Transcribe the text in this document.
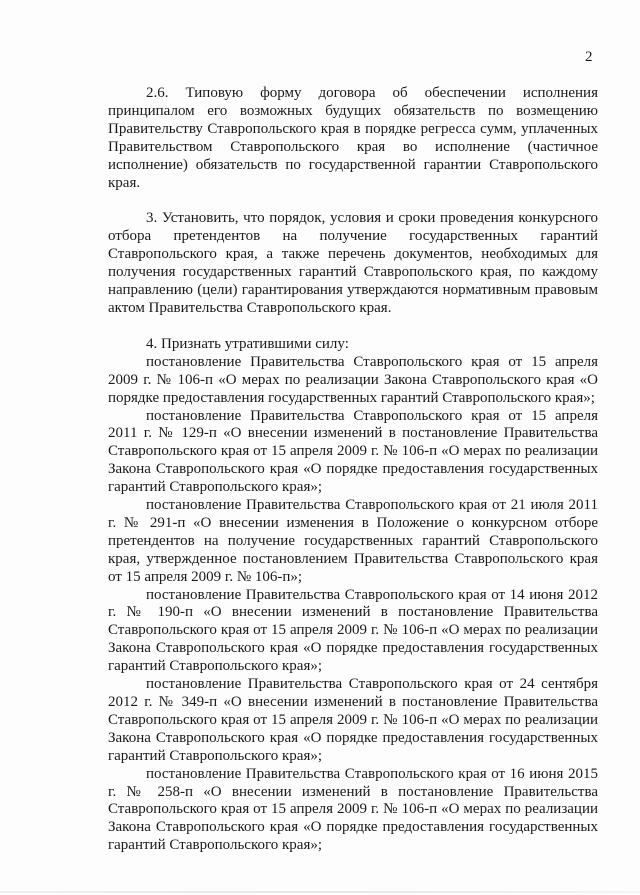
2

2.6. Типовую форму договора об обеспечении исполнения принципалом его возможных будущих обязательств по возмещению Правительству Ставропольского края в порядке регресса сумм, уплаченных Правительством Ставропольского края во исполнение (частичное исполнение) обязательств по государственной гарантии Ставропольского края.

3. Установить, что порядок, условия и сроки проведения конкурсного отбора претендентов на получение государственных гарантий Ставропольского края, а также перечень документов, необходимых для получения государственных гарантий Ставропольского края, по каждому направлению (цели) гарантирования утверждаются нормативным правовым актом Правительства Ставропольского края.

4. Признать утратившими силу:

постановление Правительства Ставропольского края от 15 апреля 2009 г. № 106-п «О мерах по реализации Закона Ставропольского края «О порядке предоставления государственных гарантий Ставропольского края»;

постановление Правительства Ставропольского края от 15 апреля 2011 г. № 129-п «О внесении изменений в постановление Правительства Ставропольского края от 15 апреля 2009 г. № 106-п «О мерах по реализации Закона Ставропольского края «О порядке предоставления государственных гарантий Ставропольского края»;

постановление Правительства Ставропольского края от 21 июля 2011 г. № 291-п «О внесении изменения в Положение о конкурсном отборе претендентов на получение государственных гарантий Ставропольского края, утвержденное постановлением Правительства Ставропольского края от 15 апреля 2009 г. № 106-п»;

постановление Правительства Ставропольского края от 14 июня 2012 г. № 190-п «О внесении изменений в постановление Правительства Ставропольского края от 15 апреля 2009 г. № 106-п «О мерах по реализации Закона Ставропольского края «О порядке предоставления государственных гарантий Ставропольского края»;

постановление Правительства Ставропольского края от 24 сентября 2012 г. № 349-п «О внесении изменений в постановление Правительства Ставропольского края от 15 апреля 2009 г. № 106-п «О мерах по реализации Закона Ставропольского края «О порядке предоставления государственных гарантий Ставропольского края»;

постановление Правительства Ставропольского края от 16 июня 2015 г. № 258-п «О внесении изменений в постановление Правительства Ставропольского края от 15 апреля 2009 г. № 106-п «О мерах по реализации Закона Ставропольского края «О порядке предоставления государственных гарантий Ставропольского края»;
